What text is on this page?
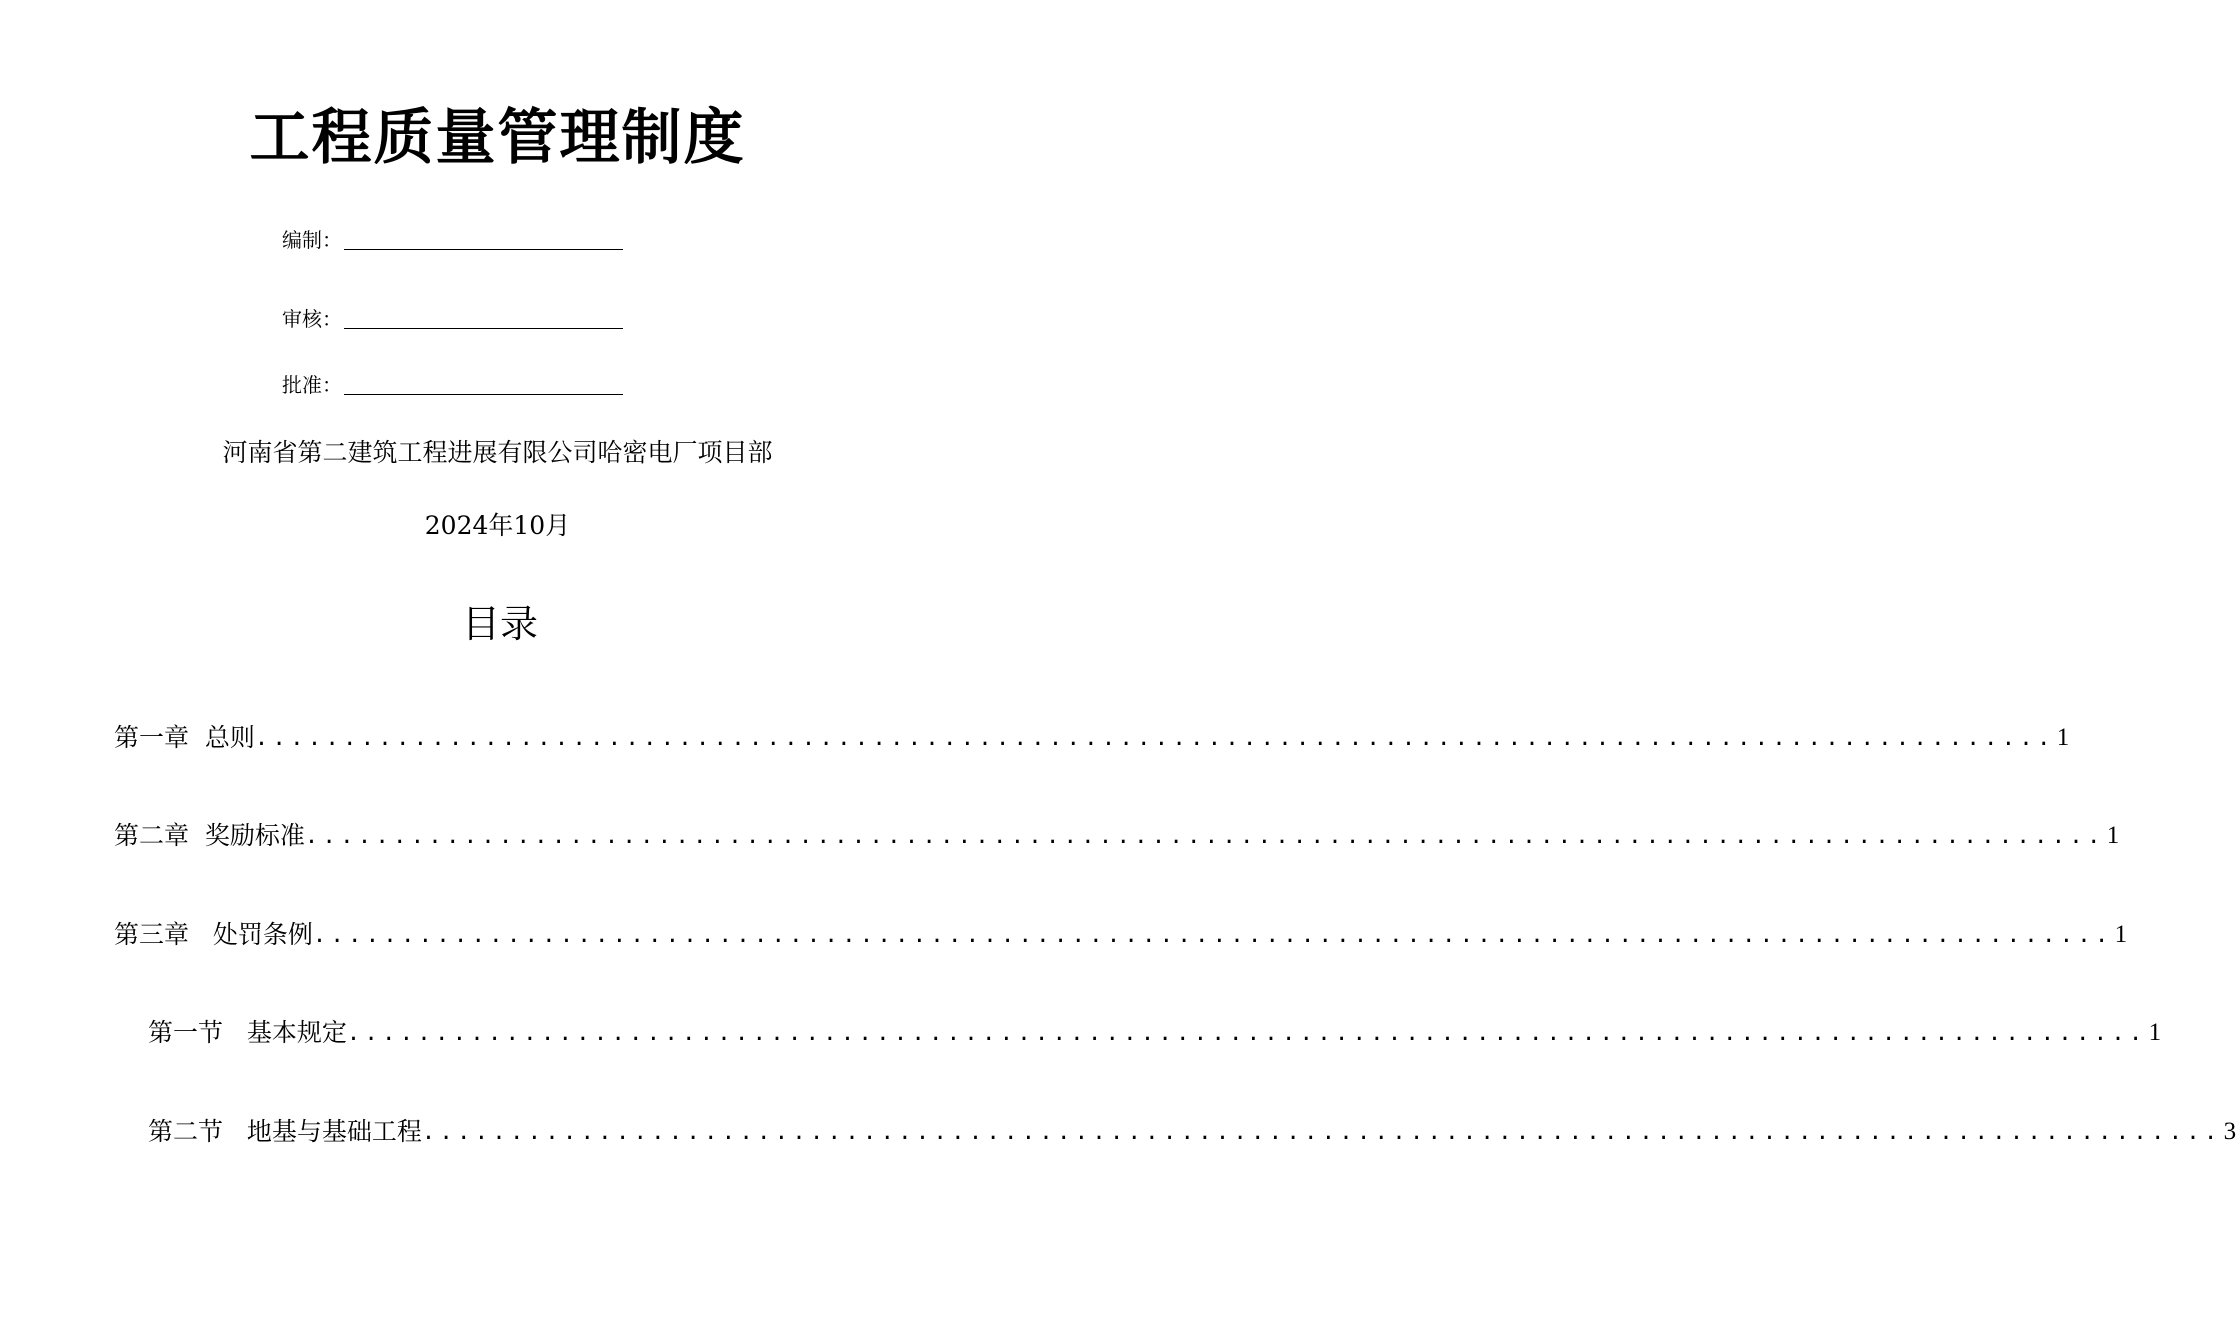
工程质量管理制度
编制：
审核：
批准：
河南省第二建筑工程进展有限公司哈密电厂项目部
2024年10月
目录
第一章  总则 ...................................................................................................... 1
第二章  奖励标准 ...................................................................................................... 1
第三章   处罚条例 ...................................................................................................... 1
第一节   基本规定 ...................................................................................................... 1
第二节   地基与基础工程 ...................................................................................................... 3
